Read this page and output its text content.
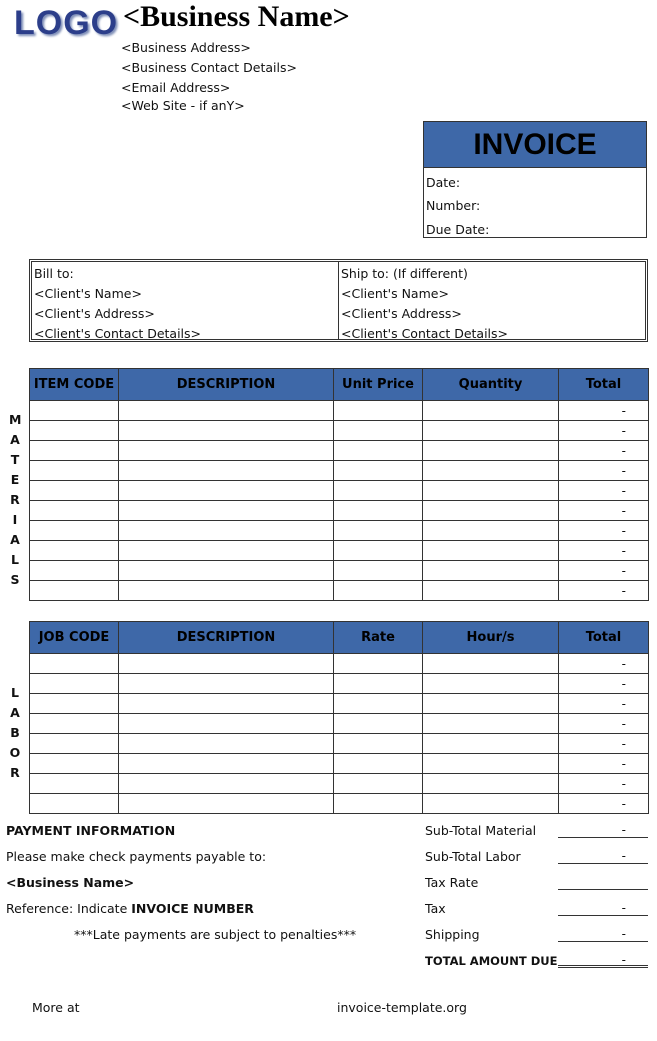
LOGO <Business Name>
<Business Address>
<Business Contact Details>
<Email Address>
<Web Site - if anY>
INVOICE
Date:
Number:
Due Date:
Bill to:
<Client's Name>
<Client's Address>
<Client's Contact Details>
Ship to: (If different)
<Client's Name>
<Client's Address>
<Client's Contact Details>
ITEM CODE	DESCRIPTION	Unit Price	Quantity	Total
				-
				-
				-
				-
				-
				-
				-
				-
				-
				-
M
A
T
E
R
I
A
L
S
JOB CODE	DESCRIPTION	Rate	Hour/s	Total
				-
				-
				-
				-
				-
				-
				-
				-
L
A
B
O
R
PAYMENT INFORMATION
Please make check payments payable to:
<Business Name>
Reference: Indicate INVOICE NUMBER
***Late payments are subject to penalties***
Sub-Total Material	-
Sub-Total Labor	-
Tax Rate
Tax	-
Shipping	-
TOTAL AMOUNT DUE	-
More at	invoice-template.org
